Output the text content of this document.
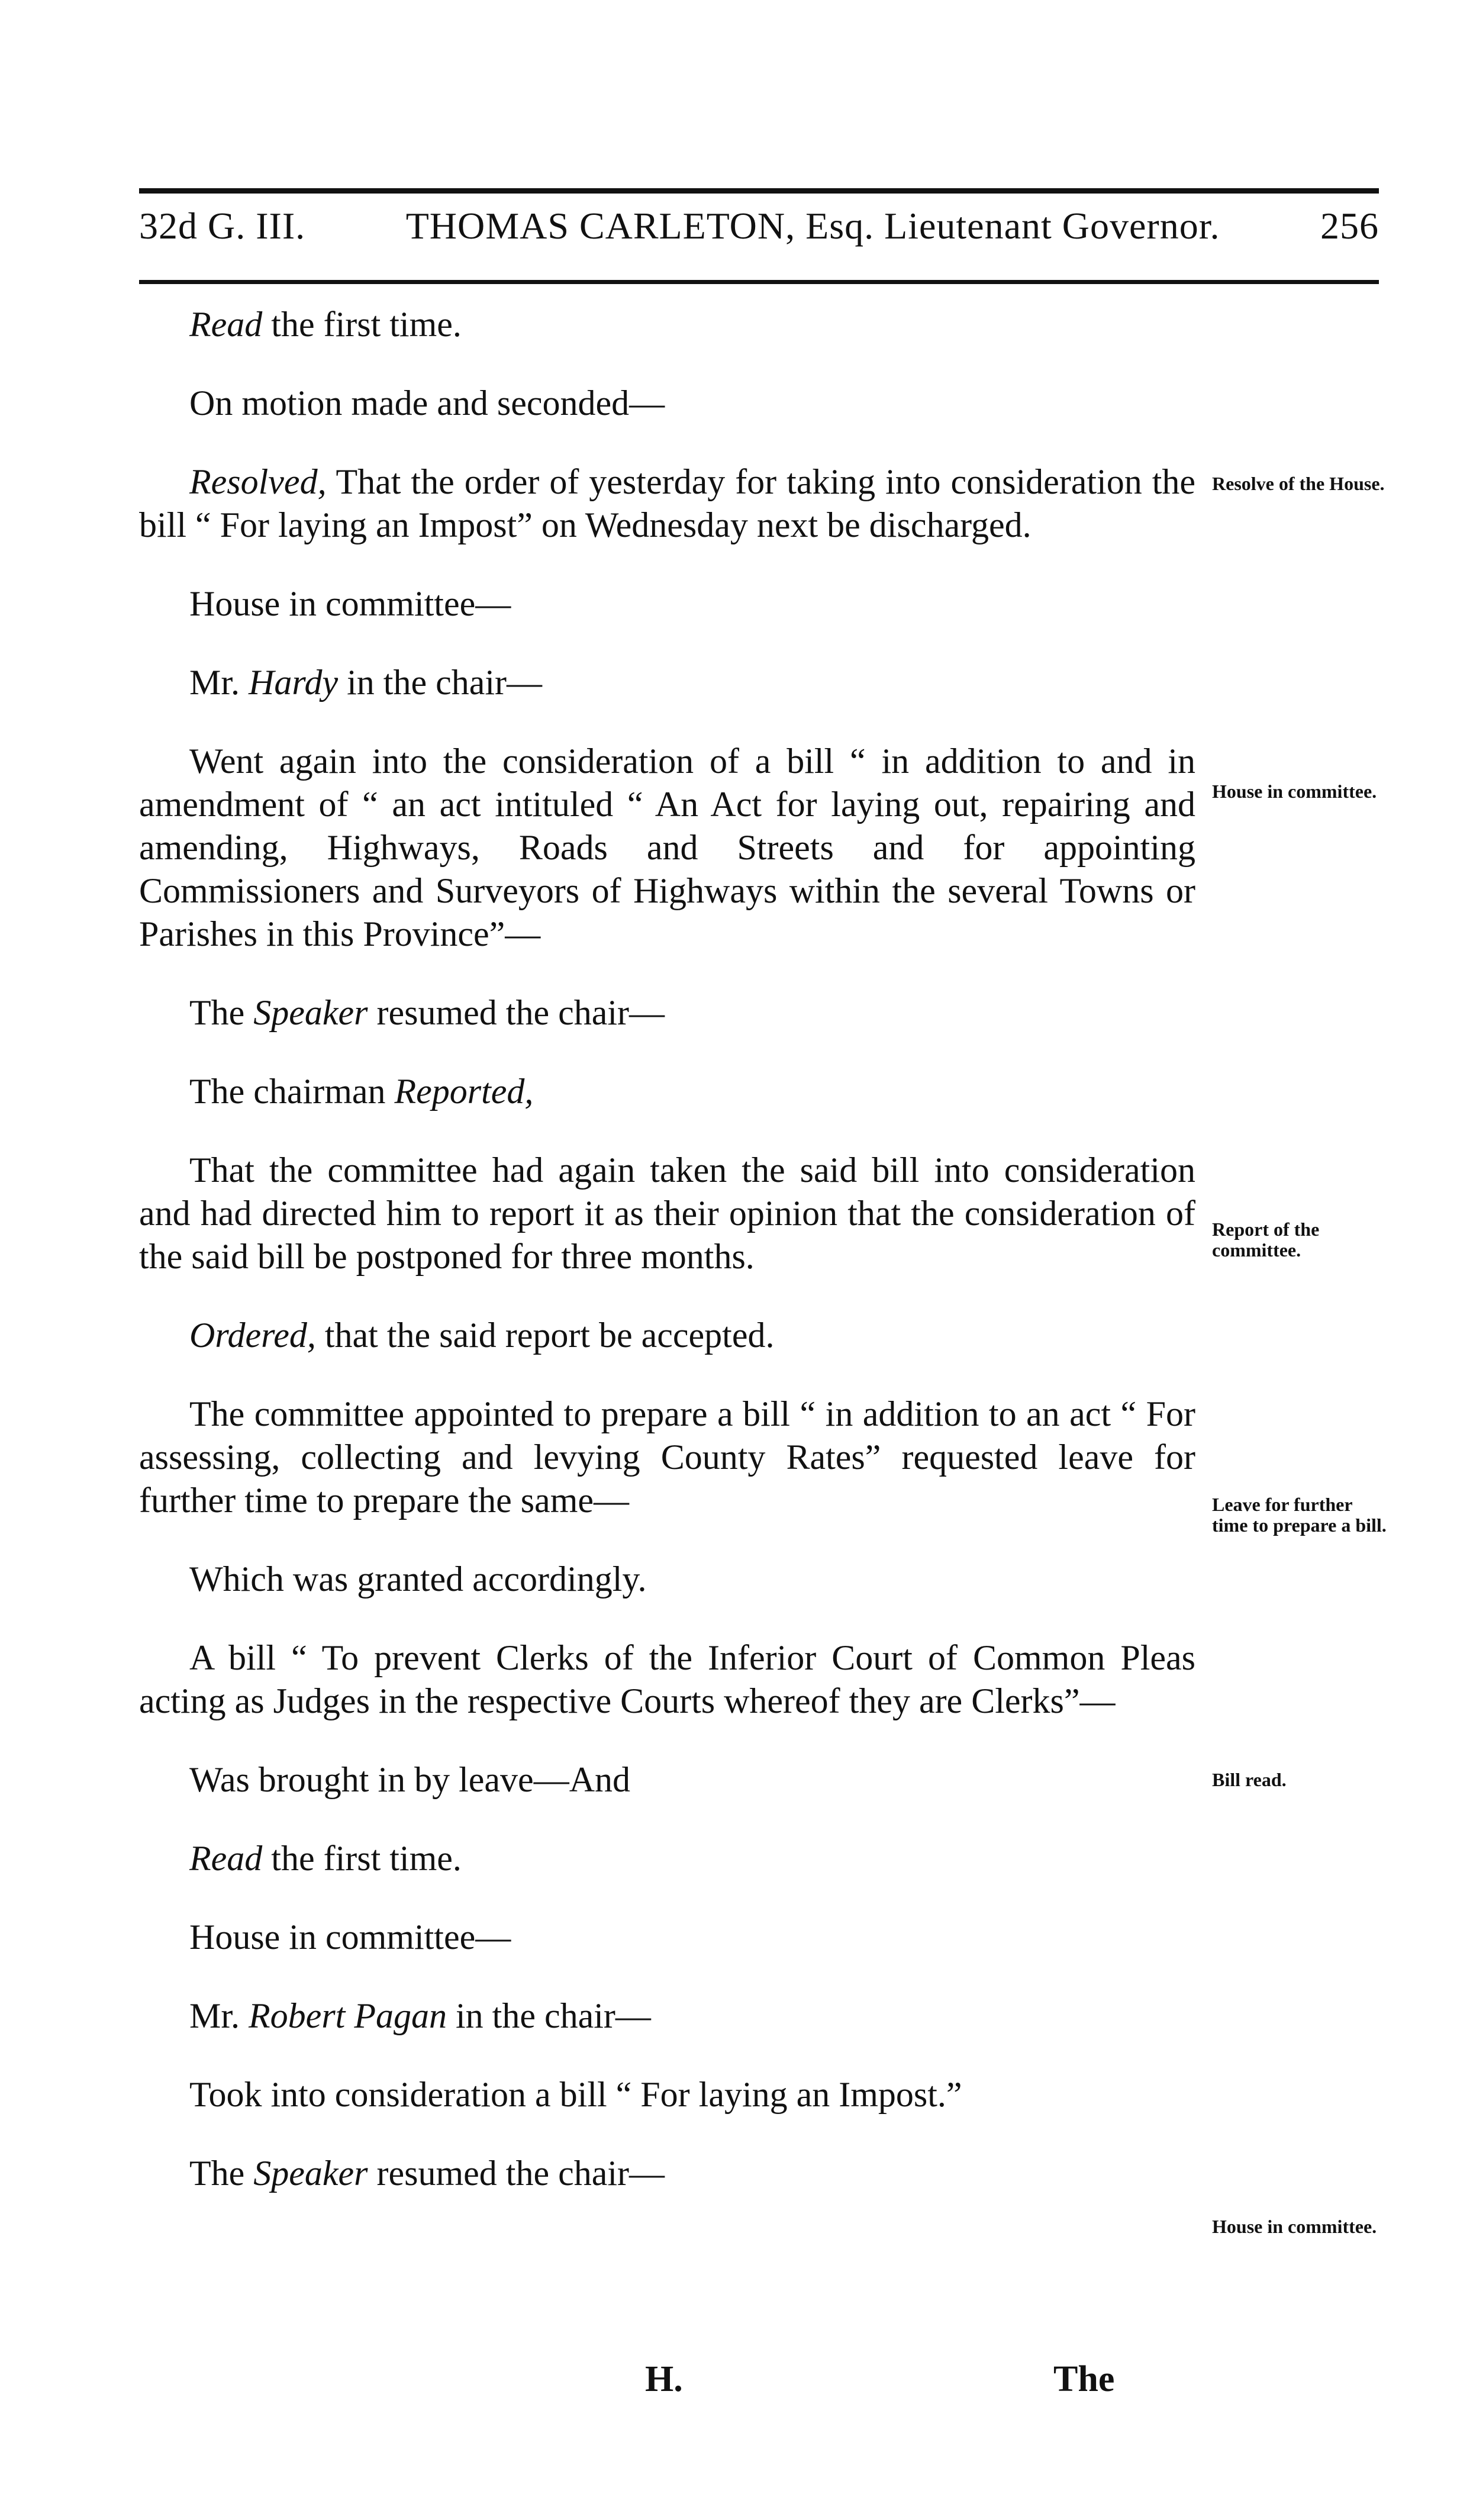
32d G. III.	THOMAS CARLETON, Esq. Lieutenant Governor.	256

Read the first time.

On motion made and seconded—

Resolved, That the order of yesterday for taking into consideration the bill “ For laying an Impost” on Wednesday next be discharged.

House in committee—

Mr. Hardy in the chair—

Went again into the consideration of a bill “ in addition to and in amendment of “ an act intituled “ An Act for laying out, repairing and amending, Highways, Roads and Streets and for appointing Commissioners and Surveyors of Highways within the several Towns or Parishes in this Province”—

The Speaker resumed the chair—

The chairman Reported,

That the committee had again taken the said bill into consideration and had directed him to report it as their opinion that the consideration of the said bill be postponed for three months.

Ordered, that the said report be accepted.

The committee appointed to prepare a bill “ in addition to an act “ For assessing, collecting and levying County Rates” requested leave for further time to prepare the same—

Which was granted accordingly.

A bill “ To prevent Clerks of the Inferior Court of Common Pleas acting as Judges in the respective Courts whereof they are Clerks”—

Was brought in by leave—And

Read the first time.

House in committee—

Mr. Robert Pagan in the chair—

Took into consideration a bill “ For laying an Impost.”

The Speaker resumed the chair—

Resolve of the House.
House in committee.
Report of the committee.
Leave for further time to prepare a bill.
Bill read.
House in committee.
H.	The
